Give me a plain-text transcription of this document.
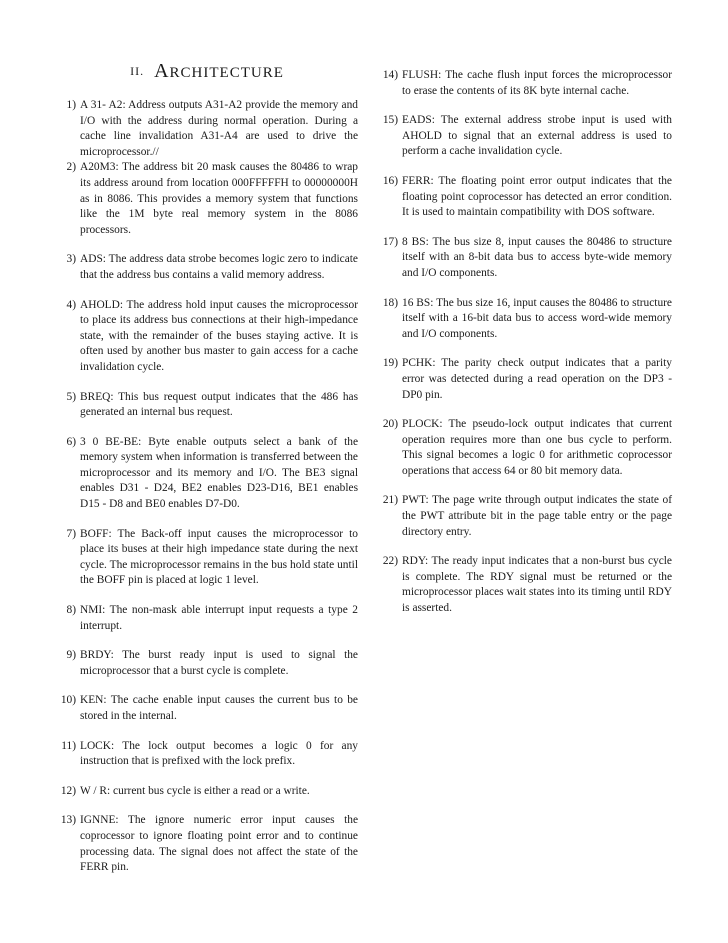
II. ARCHITECTURE
1) A 31- A2: Address outputs A31-A2 provide the memory and I/O with the address during normal operation. During a cache line invalidation A31-A4 are used to drive the microprocessor.//
2) A20M3: The address bit 20 mask causes the 80486 to wrap its address around from location 000FFFFFH to 00000000H as in 8086. This provides a memory system that functions like the 1M byte real memory system in the 8086 processors.
3) ADS: The address data strobe becomes logic zero to indicate that the address bus contains a valid memory address.
4) AHOLD: The address hold input causes the microprocessor to place its address bus connections at their high-impedance state, with the remainder of the buses staying active. It is often used by another bus master to gain access for a cache invalidation cycle.
5) BREQ: This bus request output indicates that the 486 has generated an internal bus request.
6) 3 0 BE-BE: Byte enable outputs select a bank of the memory system when information is transferred between the microprocessor and its memory and I/O. The BE3 signal enables D31 - D24, BE2 enables D23-D16, BE1 enables D15 - D8 and BE0 enables D7-D0.
7) BOFF: The Back-off input causes the microprocessor to place its buses at their high impedance state during the next cycle. The microprocessor remains in the bus hold state until the BOFF pin is placed at logic 1 level.
8) NMI: The non-mask able interrupt input requests a type 2 interrupt.
9) BRDY: The burst ready input is used to signal the microprocessor that a burst cycle is complete.
10) KEN: The cache enable input causes the current bus to be stored in the internal.
11) LOCK: The lock output becomes a logic 0 for any instruction that is prefixed with the lock prefix.
12) W / R: current bus cycle is either a read or a write.
13) IGNNE: The ignore numeric error input causes the coprocessor to ignore floating point error and to continue processing data. The signal does not affect the state of the FERR pin.
14) FLUSH: The cache flush input forces the microprocessor to erase the contents of its 8K byte internal cache.
15) EADS: The external address strobe input is used with AHOLD to signal that an external address is used to perform a cache invalidation cycle.
16) FERR: The floating point error output indicates that the floating point coprocessor has detected an error condition. It is used to maintain compatibility with DOS software.
17) 8 BS: The bus size 8, input causes the 80486 to structure itself with an 8-bit data bus to access byte-wide memory and I/O components.
18) 16 BS: The bus size 16, input causes the 80486 to structure itself with a 16-bit data bus to access word-wide memory and I/O components.
19) PCHK: The parity check output indicates that a parity error was detected during a read operation on the DP3 - DP0 pin.
20) PLOCK: The pseudo-lock output indicates that current operation requires more than one bus cycle to perform. This signal becomes a logic 0 for arithmetic coprocessor operations that access 64 or 80 bit memory data.
21) PWT: The page write through output indicates the state of the PWT attribute bit in the page table entry or the page directory entry.
22) RDY: The ready input indicates that a non-burst bus cycle is complete. The RDY signal must be returned or the microprocessor places wait states into its timing until RDY is asserted.
